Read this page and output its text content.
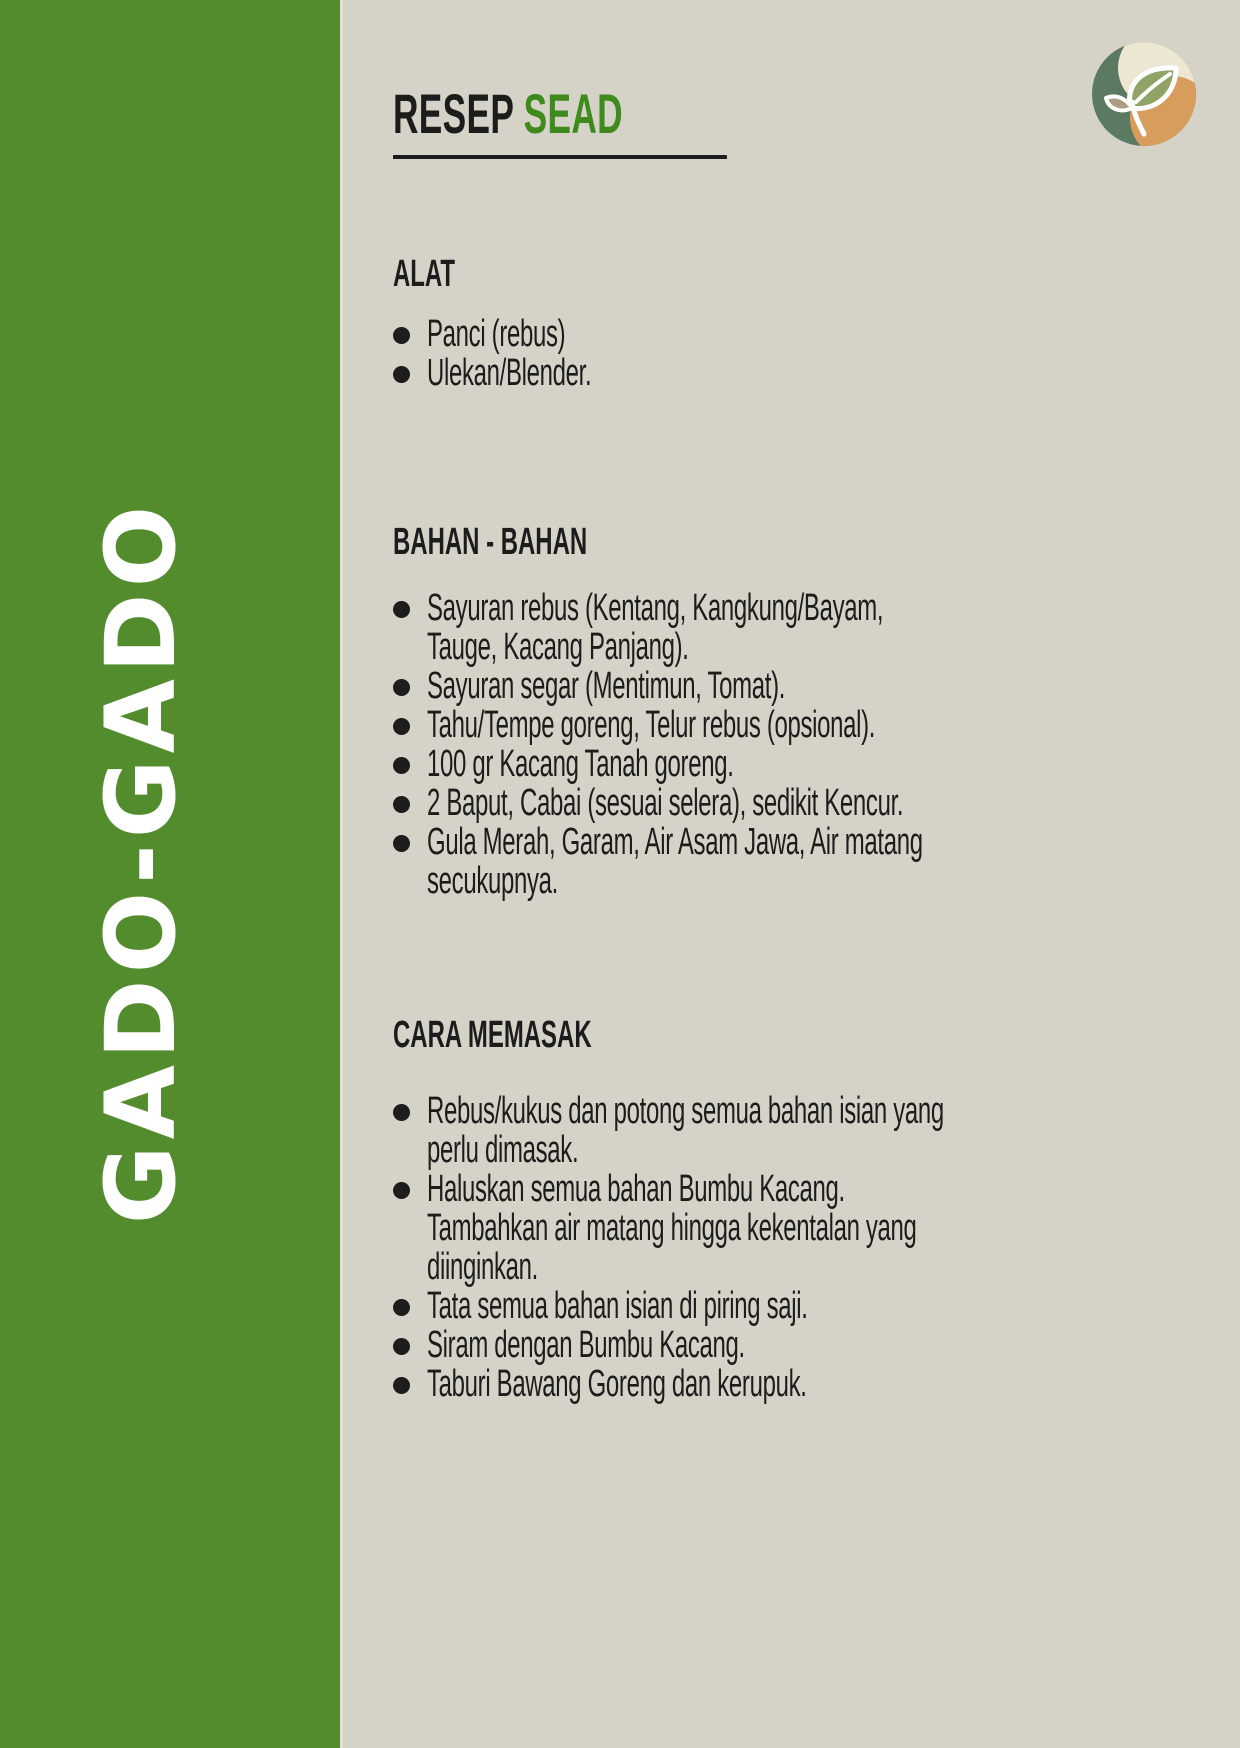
GADO-GADO
RESEP SEAD
ALAT
Panci (rebus)
Ulekan/Blender.
BAHAN - BAHAN
Sayuran rebus (Kentang, Kangkung/Bayam, Tauge, Kacang Panjang).
Sayuran segar (Mentimun, Tomat).
Tahu/Tempe goreng, Telur rebus (opsional).
100 gr Kacang Tanah goreng.
2 Baput, Cabai (sesuai selera), sedikit Kencur.
Gula Merah, Garam, Air Asam Jawa, Air matang secukupnya.
CARA MEMASAK
Rebus/kukus dan potong semua bahan isian yang perlu dimasak.
Haluskan semua bahan Bumbu Kacang. Tambahkan air matang hingga kekentalan yang diinginkan.
Tata semua bahan isian di piring saji.
Siram dengan Bumbu Kacang.
Taburi Bawang Goreng dan kerupuk.
